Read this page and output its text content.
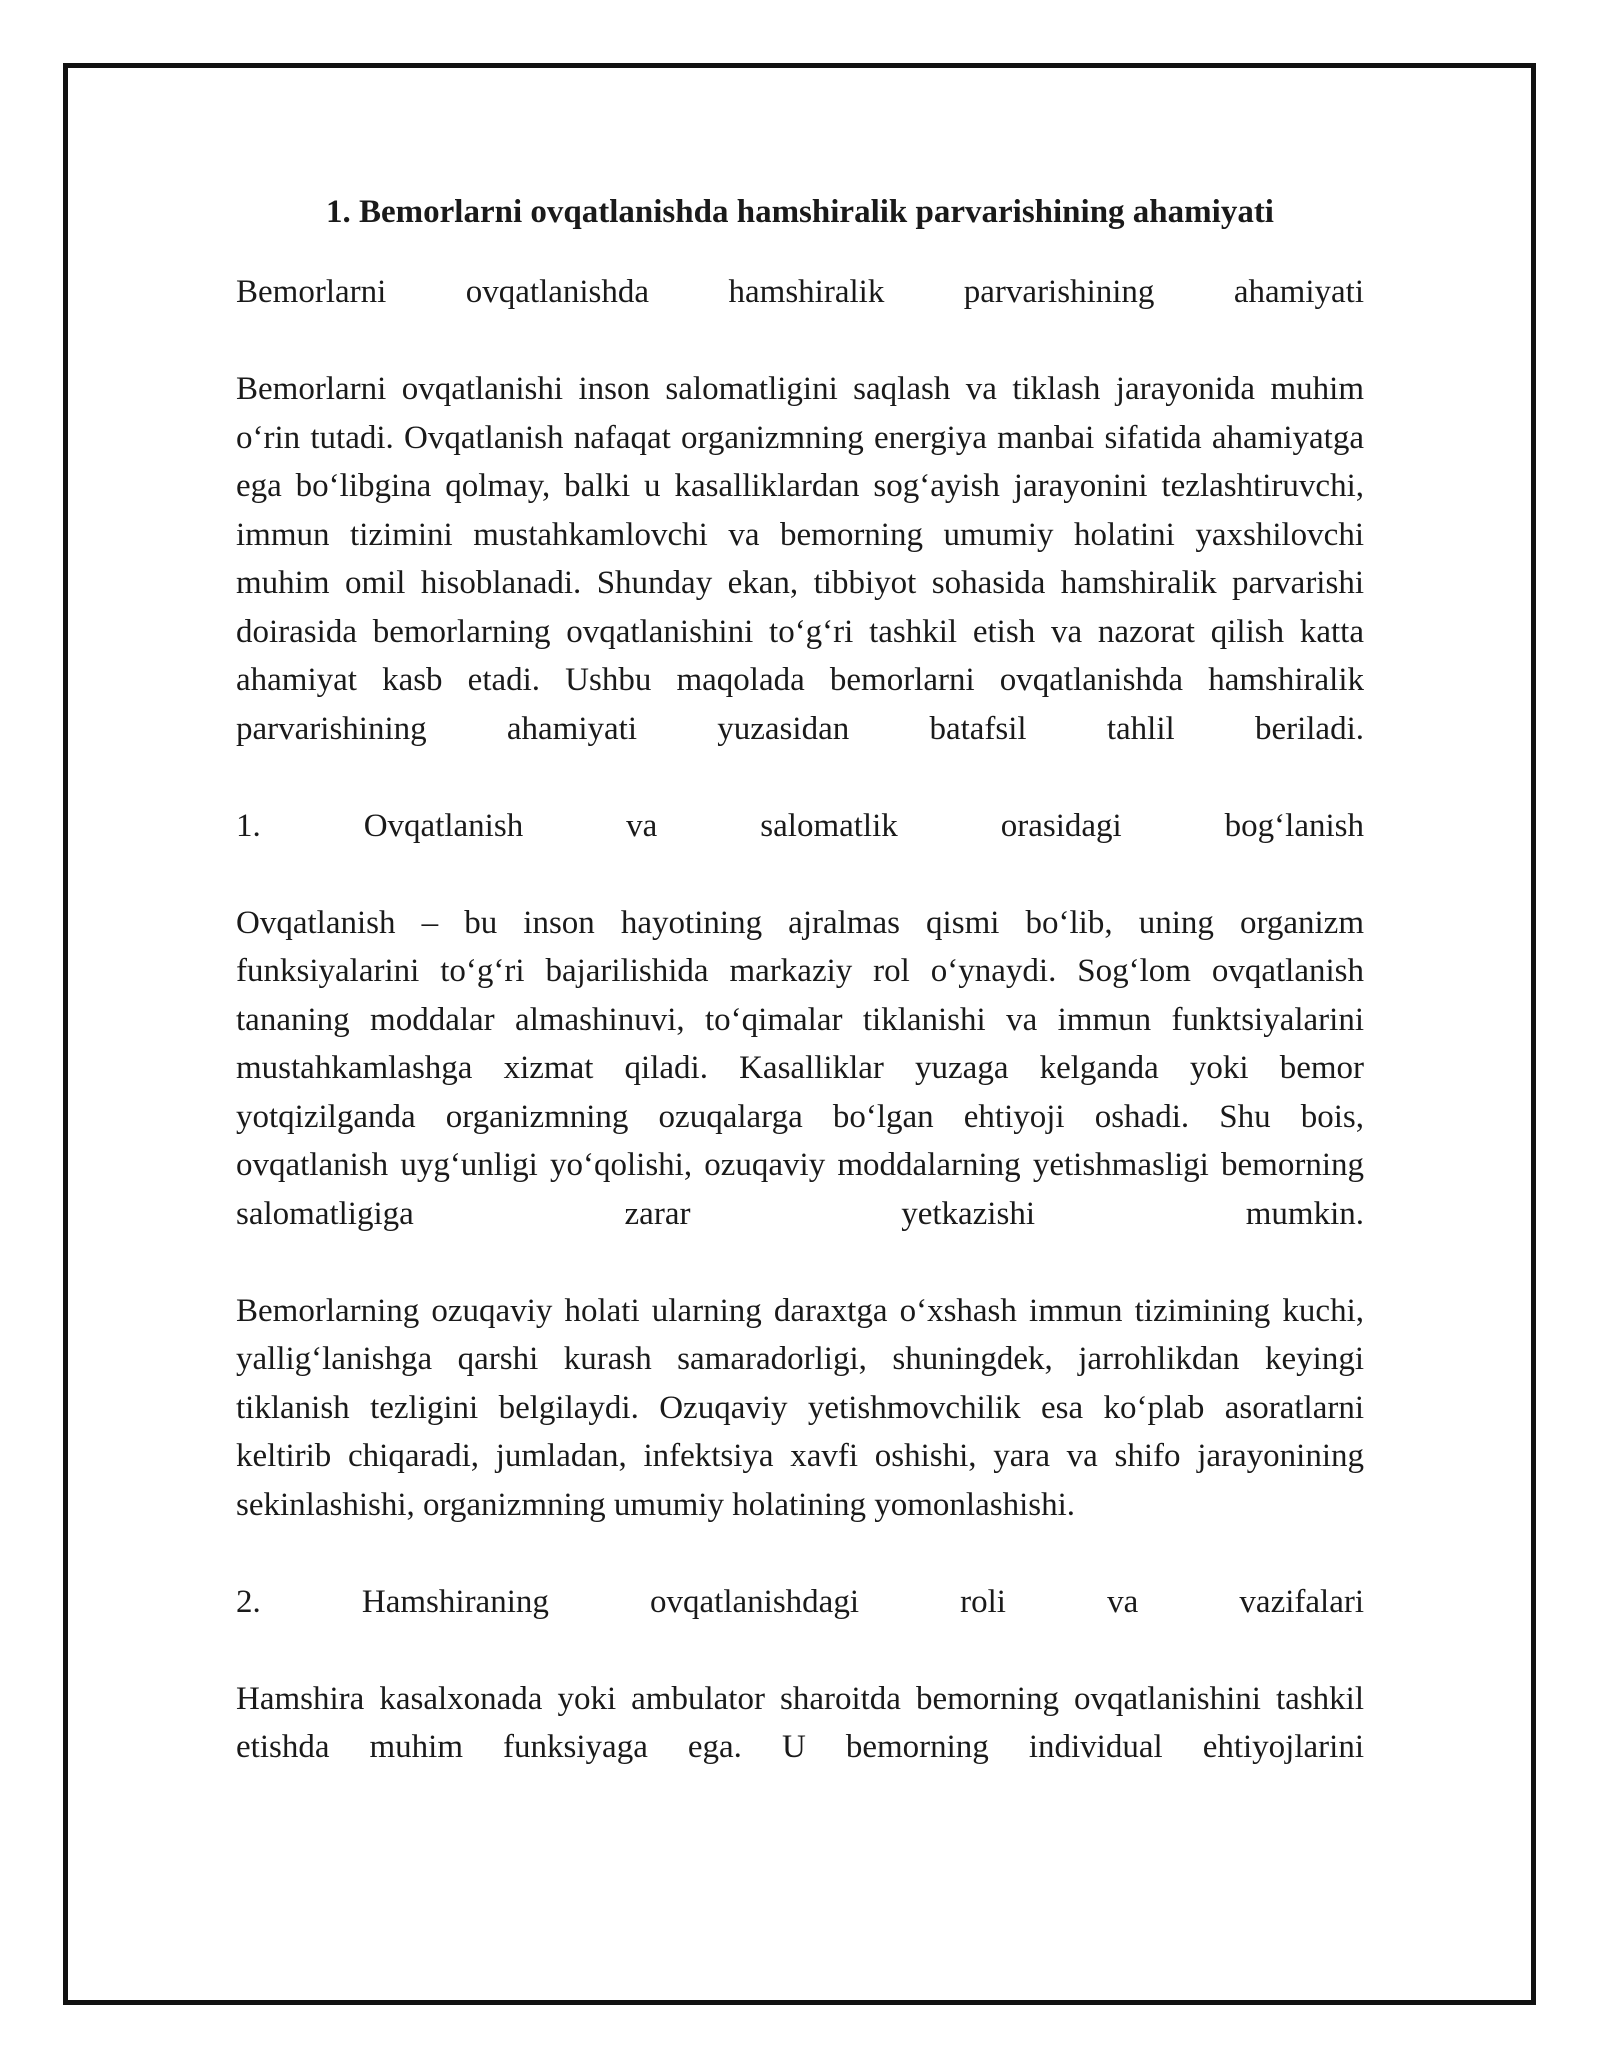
1. Bemorlarni ovqatlanishda hamshiralik parvarishining ahamiyati

Bemorlarni ovqatlanishda hamshiralik parvarishining ahamiyati

Bemorlarni ovqatlanishi inson salomatligini saqlash va tiklash jarayonida muhim o‘rin tutadi. Ovqatlanish nafaqat organizmning energiya manbai sifatida ahamiyatga ega bo‘libgina qolmay, balki u kasalliklardan sog‘ayish jarayonini tezlashtiruvchi, immun tizimini mustahkamlovchi va bemorning umumiy holatini yaxshilovchi muhim omil hisoblanadi. Shunday ekan, tibbiyot sohasida hamshiralik parvarishi doirasida bemorlarning ovqatlanishini to‘g‘ri tashkil etish va nazorat qilish katta ahamiyat kasb etadi. Ushbu maqolada bemorlarni ovqatlanishda hamshiralik parvarishining ahamiyati yuzasidan batafsil tahlil beriladi.

1. Ovqatlanish va salomatlik orasidagi bog‘lanish

Ovqatlanish – bu inson hayotining ajralmas qismi bo‘lib, uning organizm funksiyalarini to‘g‘ri bajarilishida markaziy rol o‘ynaydi. Sog‘lom ovqatlanish tananing moddalar almashinuvi, to‘qimalar tiklanishi va immun funktsiyalarini mustahkamlashga xizmat qiladi. Kasalliklar yuzaga kelganda yoki bemor yotqizilganda organizmning ozuqalarga bo‘lgan ehtiyoji oshadi. Shu bois, ovqatlanish uyg‘unligi yo‘qolishi, ozuqaviy moddalarning yetishmasligi bemorning salomatligiga zarar yetkazishi mumkin.

Bemorlarning ozuqaviy holati ularning daraxtga o‘xshash immun tizimining kuchi, yallig‘lanishga qarshi kurash samaradorligi, shuningdek, jarrohlikdan keyingi tiklanish tezligini belgilaydi. Ozuqaviy yetishmovchilik esa ko‘plab asoratlarni keltirib chiqaradi, jumladan, infektsiya xavfi oshishi, yara va shifo jarayonining sekinlashishi, organizmning umumiy holatining yomonlashishi.

2. Hamshiraning ovqatlanishdagi roli va vazifalari

Hamshira kasalxonada yoki ambulator sharoitda bemorning ovqatlanishini tashkil etishda muhim funksiyaga ega. U bemorning individual ehtiyojlarini
